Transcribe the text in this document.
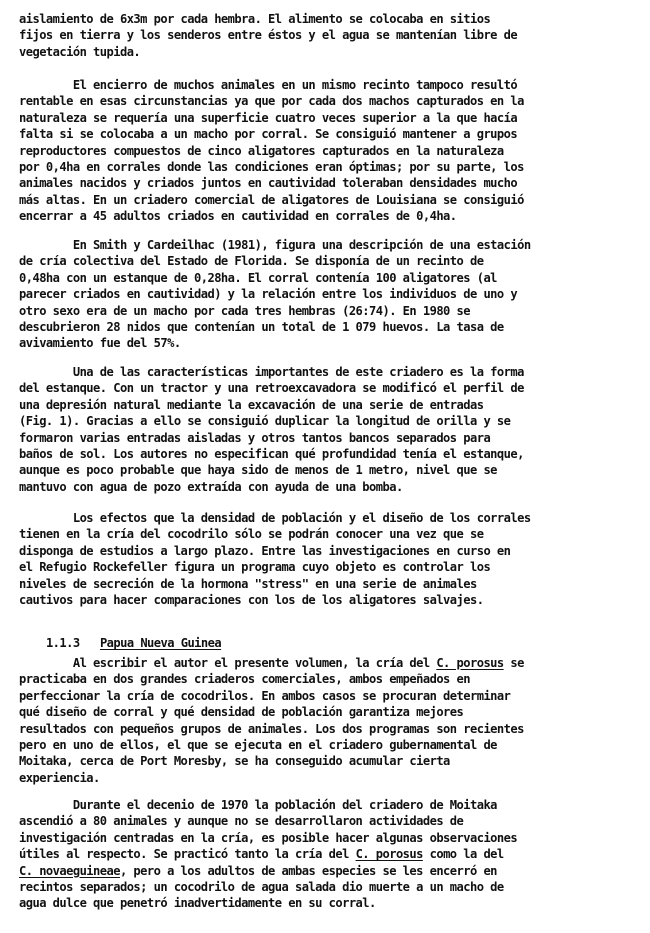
aislamiento de 6x3m por cada hembra. El alimento se colocaba en sitios
fijos en tierra y los senderos entre éstos y el agua se mantenían libre de
vegetación tupida.
El encierro de muchos animales en un mismo recinto tampoco resultó
rentable en esas circunstancias ya que por cada dos machos capturados en la
naturaleza se requería una superficie cuatro veces superior a la que hacía
falta si se colocaba a un macho por corral. Se consiguió mantener a grupos
reproductores compuestos de cinco aligatores capturados en la naturaleza
por 0,4ha en corrales donde las condiciones eran óptimas; por su parte, los
animales nacidos y criados juntos en cautividad toleraban densidades mucho
más altas. En un criadero comercial de aligatores de Louisiana se consiguió
encerrar a 45 adultos criados en cautividad en corrales de 0,4ha.
En Smith y Cardeilhac (1981), figura una descripción de una estación
de cría colectiva del Estado de Florida. Se disponía de un recinto de
0,48ha con un estanque de 0,28ha. El corral contenía 100 aligatores (al
parecer criados en cautividad) y la relación entre los individuos de uno y
otro sexo era de un macho por cada tres hembras (26:74). En 1980 se
descubrieron 28 nidos que contenían un total de 1 079 huevos. La tasa de
avivamiento fue del 57%.
Una de las características importantes de este criadero es la forma
del estanque. Con un tractor y una retroexcavadora se modificó el perfil de
una depresión natural mediante la excavación de una serie de entradas
(Fig. 1). Gracias a ello se consiguió duplicar la longitud de orilla y se
formaron varias entradas aisladas y otros tantos bancos separados para
baños de sol. Los autores no especifican qué profundidad tenía el estanque,
aunque es poco probable que haya sido de menos de 1 metro, nivel que se
mantuvo con agua de pozo extraída con ayuda de una bomba.
Los efectos que la densidad de población y el diseño de los corrales
tienen en la cría del cocodrilo sólo se podrán conocer una vez que se
disponga de estudios a largo plazo. Entre las investigaciones en curso en
el Refugio Rockefeller figura un programa cuyo objeto es controlar los
niveles de secreción de la hormona "stress" en una serie de animales
cautivos para hacer comparaciones con los de los aligatores salvajes.

1.1.3 Papua Nueva Guinea

Al escribir el autor el presente volumen, la cría del C. porosus se
practicaba en dos grandes criaderos comerciales, ambos empeñados en
perfeccionar la cría de cocodrilos. En ambos casos se procuran determinar
qué diseño de corral y qué densidad de población garantiza mejores
resultados con pequeños grupos de animales. Los dos programas son recientes
pero en uno de ellos, el que se ejecuta en el criadero gubernamental de
Moitaka, cerca de Port Moresby, se ha conseguido acumular cierta
experiencia.
Durante el decenio de 1970 la población del criadero de Moitaka
ascendió a 80 animales y aunque no se desarrollaron actividades de
investigación centradas en la cría, es posible hacer algunas observaciones
útiles al respecto. Se practicó tanto la cría del C. porosus como la del
C. novaeguineae, pero a los adultos de ambas especies se les encerró en
recintos separados; un cocodrilo de agua salada dio muerte a un macho de
agua dulce que penetró inadvertidamente en su corral.
